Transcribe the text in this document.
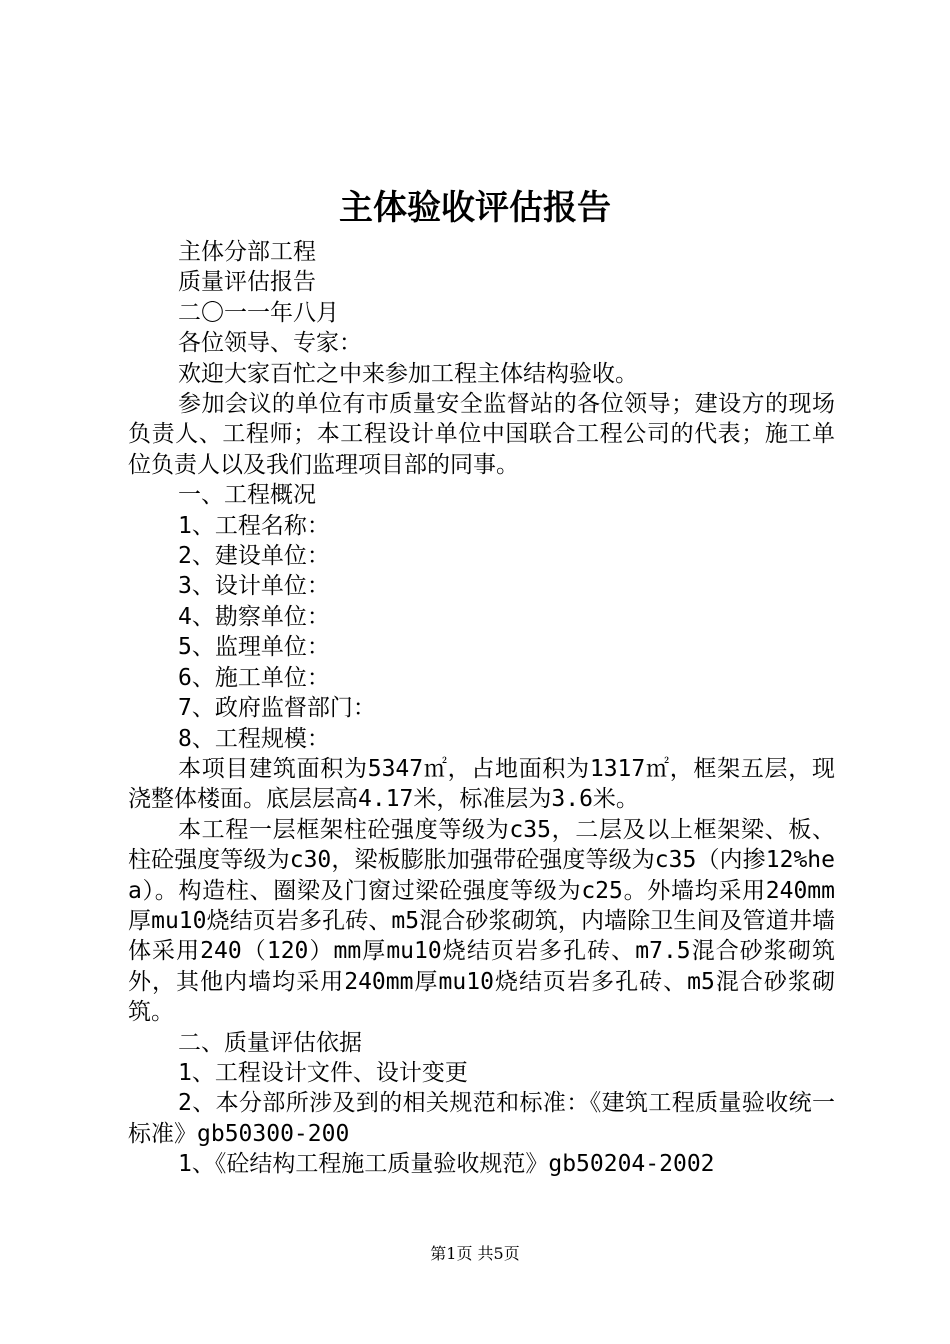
主体验收评估报告

主体分部工程

质量评估报告

二〇一一年八月

各位领导、专家：

欢迎大家百忙之中来参加工程主体结构验收。

参加会议的单位有市质量安全监督站的各位领导；建设方的现场负责人、工程师；本工程设计单位中国联合工程公司的代表；施工单位负责人以及我们监理项目部的同事。

一、工程概况

1、工程名称：

2、建设单位：

3、设计单位：

4、勘察单位：

5、监理单位：

6、施工单位：

7、政府监督部门：

8、工程规模：

本项目建筑面积为5347㎡，占地面积为1317㎡，框架五层，现浇整体楼面。底层层高4.17米，标准层为3.6米。

本工程一层框架柱砼强度等级为c35，二层及以上框架梁、板、柱砼强度等级为c30，梁板膨胀加强带砼强度等级为c35（内掺12%hea）。构造柱、圈梁及门窗过梁砼强度等级为c25。外墙均采用240mm厚mu10烧结页岩多孔砖、m5混合砂浆砌筑，内墙除卫生间及管道井墙体采用240（120）mm厚mu10烧结页岩多孔砖、m7.5混合砂浆砌筑外，其他内墙均采用240mm厚mu10烧结页岩多孔砖、m5混合砂浆砌筑。

二、质量评估依据

1、工程设计文件、设计变更

2、本分部所涉及到的相关规范和标准：《建筑工程质量验收统一标准》gb50300-200

1、《砼结构工程施工质量验收规范》gb50204-2002

第1页 共5页
